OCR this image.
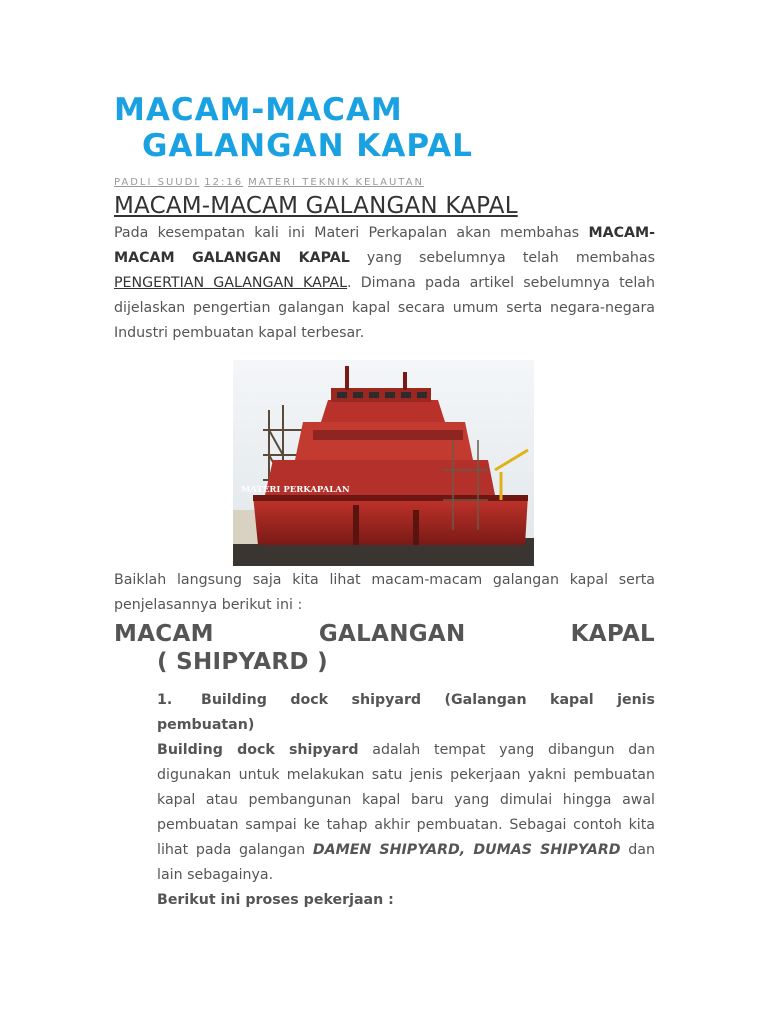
MACAM-MACAM
GALANGAN KAPAL
PADLI SUUDI 12:16 MATERI TEKNIK KELAUTAN
MACAM-MACAM GALANGAN KAPAL

Pada kesempatan kali ini Materi Perkapalan akan membahas MACAM-MACAM GALANGAN KAPAL yang sebelumnya telah membahas PENGERTIAN GALANGAN KAPAL. Dimana pada artikel sebelumnya telah dijelaskan pengertian galangan kapal secara umum serta negara-negara Industri pembuatan kapal terbesar.

MATERI PERKAPALAN

Baiklah langsung saja kita lihat macam-macam galangan kapal serta penjelasannya berikut ini :

MACAM	GALANGAN	KAPAL
( SHIPYARD )

1. Building dock shipyard (Galangan kapal jenis pembuatan)

Building dock shipyard adalah tempat yang dibangun dan digunakan untuk melakukan satu jenis pekerjaan yakni pembuatan kapal atau pembangunan kapal baru yang dimulai hingga awal pembuatan sampai ke tahap akhir pembuatan. Sebagai contoh kita lihat pada galangan DAMEN SHIPYARD, DUMAS SHIPYARD dan lain sebagainya.

Berikut ini proses pekerjaan :
